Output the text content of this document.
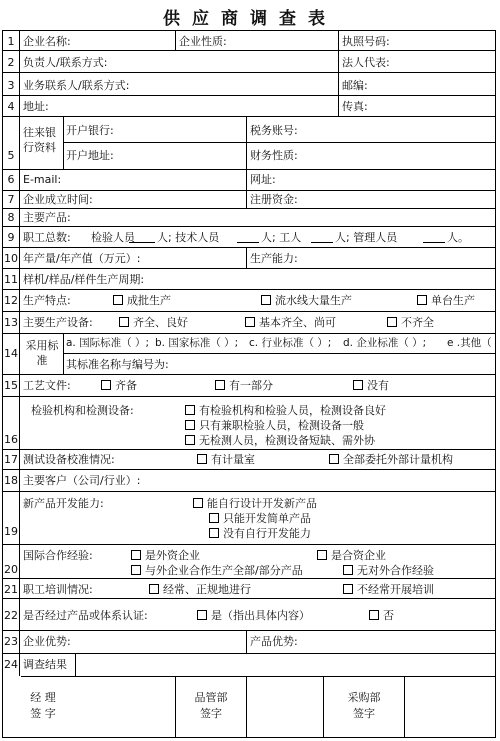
供应商调查表
1 企业名称:	企业性质:	执照号码:
2 负责人/联系方式:	法人代表:
3 业务联系人/联系方式:	邮编:
4 地址:	传真:
5
往来银行资料
开户银行:	税务账号:
开户地址:	财务性质:
6 E-mail:	网址:
7 企业成立时间:	注册资金:
8 主要产品:
9 职工总数: 检验人员 人; 技术人员	人; 工人	人; 管理人员	人。
10 年产量/年产值（万元）:	生产能力:
11 样机/样品/样件生产周期:
12 生产特点:	成批生产	流水线大量生产	单台生产
13 主要生产设备:	齐全、良好	基本齐全、尚可	不齐全
14
采用标准
a. 国际标准（ ）; b. 国家标准（ ）; c. 行业标准（ ）; d. 企业标准（ ）; e .其他（
其标准名称与编号为:
15 工艺文件:	齐备	有一部分	没有
16
检验机构和检测设备:	有检验机构和检验人员，检测设备良好
只有兼职检验人员，检测设备一般
无检测人员，检测设备短缺、需外协
17 测试设备校准情况:	有计量室	全部委托外部计量机构
18 主要客户（公司/行业）:
19
新产品开发能力:	能自行设计开发新产品
只能开发简单产品
没有自行开发能力
20
国际合作经验:	是外资企业	是合资企业
与外企业合作生产全部/部分产品	无对外合作经验
21 职工培训情况:	经常、正规地进行	不经常开展培训
22 是否经过产品或体系认证:	是（指出具体内容）	否
23 企业优势:	产品优势:
24 调查结果
经 理
签 字
品管部
签字
采购部
签字
